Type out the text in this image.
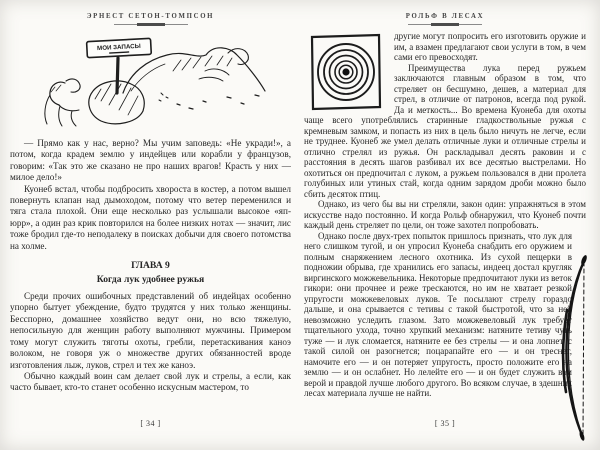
ЭРНЕСТ СЕТОН-ТОМПСОН
МОИ ЗАПАСЫ

— Прямо как у нас, верно? Мы учим заповедь: «Не укради!», а потом, когда крадем землю у индейцев или корабли у французов, говорим: «Так это же сказано не про наших врагов! Красть у них — милое дело!»

Куонеб встал, чтобы подбросить хвороста в костер, а потом вышел повернуть клапан над дымоходом, потому что ветер переменился и тяга стала плохой. Они еще несколько раз услышали высокое «яп-юрр», а один раз крик повторился на более низких нотах — значит, лис тоже бродил где-то неподалеку в поисках добычи для своего потомства на холме.

ГЛАВА 9
Когда лук удобнее ружья

Среди прочих ошибочных представлений об индейцах особенно упорно бытует убеждение, будто трудятся у них только женщины. Бесспорно, домашнее хозяйство ведут они, но всю тяжелую, непосильную для женщин работу выполняют мужчины. Примером тому могут служить тяготы охоты, гребли, перетаскивания каноэ волоком, не говоря уж о множестве других обязанностей вроде изготовления лыж, луков, стрел и тех же каноэ.

Обычно каждый воин сам делает свой лук и стрелы, а если, как часто бывает, кто-то станет особенно искусным мастером, то

[ 34 ]
РОЛЬФ В ЛЕСАХ

другие могут попросить его изготовить оружие и им, а взамен предлагают свои услуги в том, в чем сами его превосходят.

Преимущества лука перед ружьем заключаются главным образом в том, что стреляет он бесшумно, дешев, а материал для стрел, в отличие от патронов, всегда под рукой. Да и меткость... Во времена Куонеба для охоты чаще всего употреблялись старинные гладкоствольные ружья с кремневым замком, и попасть из них в цель было ничуть не легче, если не труднее. Куонеб же умел делать отличные луки и отличные стрелы и отлично стрелял из ружья. Он раскладывал десять раковин и с расстояния в десять шагов разбивал их все десятью выстрелами. Но охотиться он предпочитал с луком, а ружьем пользовался в дни пролета голубиных или утиных стай, когда одним зарядом дроби можно было сбить десяток птиц.

Однако, из чего бы вы ни стреляли, закон один: упражняться в этом искусстве надо постоянно. И когда Рольф обнаружил, что Куонеб почти каждый день стреляет по цели, он тоже захотел попробовать.

Однако после двух-трех попыток пришлось признать, что лук для него слишком тугой, и он упросил Куонеба снабдить его оружием и полным снаряжением лесного охотника. Из сухой пещерки в подножии обрыва, где хранились его запасы, индеец достал кругляк виргинского можжевельника. Некоторые предпочитают луки из веток гикори: они прочнее и реже трескаются, но им не хватает резкой упругости можжевеловых луков. Те посылают стрелу гораздо дальше, и она срывается с тетивы с такой быстротой, что за ней невозможно уследить глазом. Зато можжевеловый лук требует тщательного ухода, точно хрупкий механизм: натяните тетиву чуть туже — и лук сломается, натяните ее без стрелы — и она лопнет, с такой силой он разогнется; поцарапайте его — и он треснет, намочите его — и он потеряет упругость, просто положите его на землю — и он ослабнет. Но лелейте его — и он будет служить вам верой и правдой лучше любого другого. Во всяком случае, в здешних лесах материала лучше не найти.

[ 35 ]
